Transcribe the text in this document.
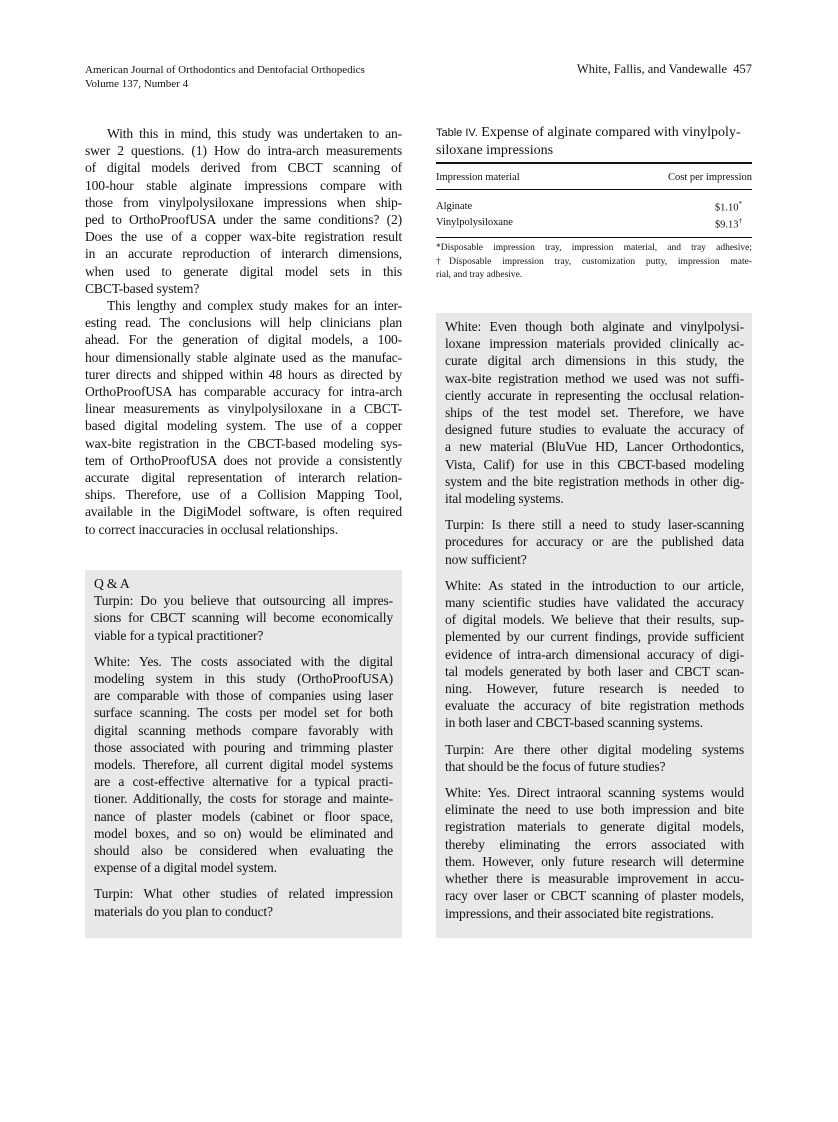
American Journal of Orthodontics and Dentofacial Orthopedics
Volume 137, Number 4
White, Fallis, and Vandewalle  457
With this in mind, this study was undertaken to an-
swer 2 questions. (1) How do intra-arch measurements
of digital models derived from CBCT scanning of
100-hour stable alginate impressions compare with
those from vinylpolysiloxane impressions when ship-
ped to OrthoProofUSA under the same conditions? (2)
Does the use of a copper wax-bite registration result
in an accurate reproduction of interarch dimensions,
when used to generate digital model sets in this
CBCT-based system?
This lengthy and complex study makes for an inter-
esting read. The conclusions will help clinicians plan
ahead. For the generation of digital models, a 100-
hour dimensionally stable alginate used as the manufac-
turer directs and shipped within 48 hours as directed by
OrthoProofUSA has comparable accuracy for intra-arch
linear measurements as vinylpolysiloxane in a CBCT-
based digital modeling system. The use of a copper
wax-bite registration in the CBCT-based modeling sys-
tem of OrthoProofUSA does not provide a consistently
accurate digital representation of interarch relation-
ships. Therefore, use of a Collision Mapping Tool,
available in the DigiModel software, is often required
to correct inaccuracies in occlusal relationships.
Q & A
Turpin: Do you believe that outsourcing all impres-
sions for CBCT scanning will become economically
viable for a typical practitioner?
White: Yes. The costs associated with the digital
modeling system in this study (OrthoProofUSA)
are comparable with those of companies using laser
surface scanning. The costs per model set for both
digital scanning methods compare favorably with
those associated with pouring and trimming plaster
models. Therefore, all current digital model systems
are a cost-effective alternative for a typical practi-
tioner. Additionally, the costs for storage and mainte-
nance of plaster models (cabinet or floor space,
model boxes, and so on) would be eliminated and
should also be considered when evaluating the
expense of a digital model system.
Turpin: What other studies of related impression
materials do you plan to conduct?
White: Even though both alginate and vinylpolysi-
loxane impression materials provided clinically ac-
curate digital arch dimensions in this study, the
wax-bite registration method we used was not suffi-
ciently accurate in representing the occlusal relation-
ships of the test model set. Therefore, we have
designed future studies to evaluate the accuracy of
a new material (BluVue HD, Lancer Orthodontics,
Vista, Calif) for use in this CBCT-based modeling
system and the bite registration methods in other dig-
ital modeling systems.
Turpin: Is there still a need to study laser-scanning
procedures for accuracy or are the published data
now sufficient?
White: As stated in the introduction to our article,
many scientific studies have validated the accuracy
of digital models. We believe that their results, sup-
plemented by our current findings, provide sufficient
evidence of intra-arch dimensional accuracy of digi-
tal models generated by both laser and CBCT scan-
ning. However, future research is needed to
evaluate the accuracy of bite registration methods
in both laser and CBCT-based scanning systems.
Turpin: Are there other digital modeling systems
that should be the focus of future studies?
White: Yes. Direct intraoral scanning systems would
eliminate the need to use both impression and bite
registration materials to generate digital models,
thereby eliminating the errors associated with
them. However, only future research will determine
whether there is measurable improvement in accu-
racy over laser or CBCT scanning of plaster models,
impressions, and their associated bite registrations.
Table IV. Expense of alginate compared with vinylpoly-
siloxane impressions
Impression material	Cost per impression
Alginate	$1.10*
Vinylpolysiloxane	$9.13†

*Disposable impression tray, impression material, and tray adhesive;
†Disposable impression tray, customization putty, impression mate-
rial, and tray adhesive.
